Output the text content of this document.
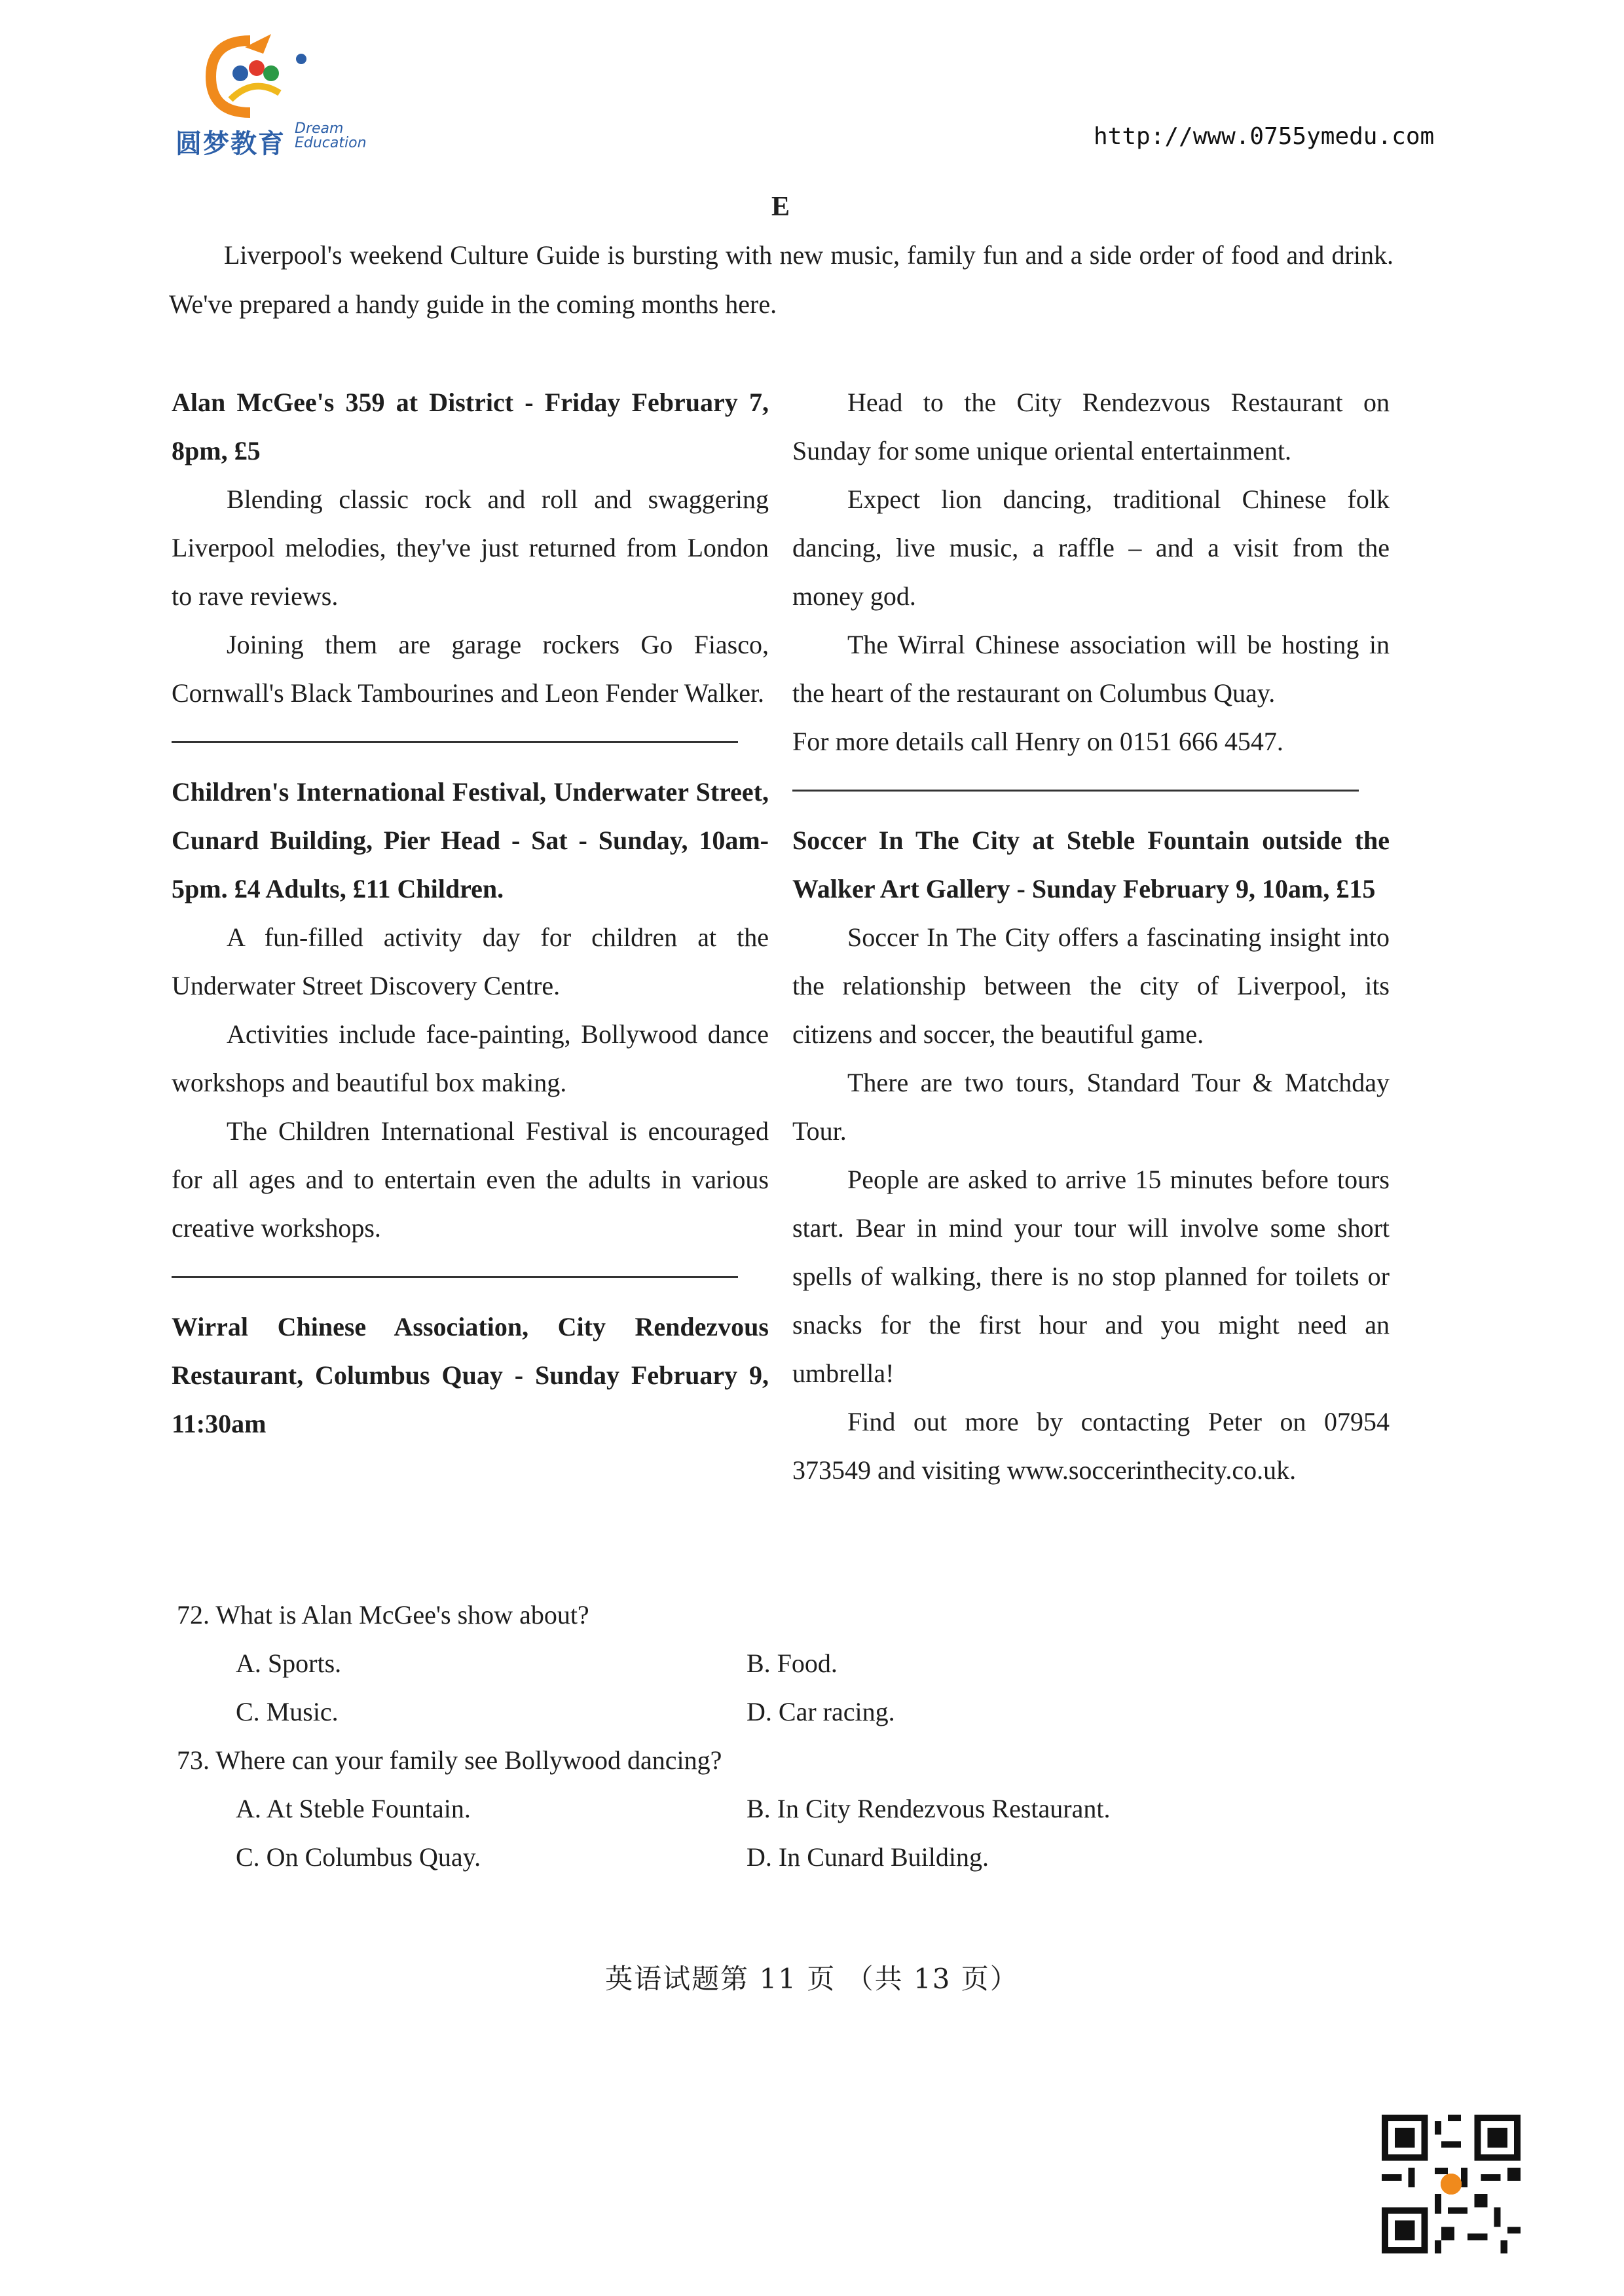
圆梦教育
Dream
Education	http://www.0755ymedu.com
E

Liverpool's weekend Culture Guide is bursting with new music, family fun and a side order of food and drink. We've prepared a handy guide in the coming months here.

Alan McGee's 359 at District - Friday February 7, 8pm, £5

Blending classic rock and roll and swaggering Liverpool melodies, they've just returned from London to rave reviews.

Joining them are garage rockers Go Fiasco, Cornwall's Black Tambourines and Leon Fender Walker.

Children's International Festival, Underwater Street, Cunard Building, Pier Head - Sat - Sunday, 10am-5pm. £4 Adults, £11 Children.

A fun-filled activity day for children at the Underwater Street Discovery Centre.

Activities include face-painting, Bollywood dance workshops and beautiful box making.

The Children International Festival is encouraged for all ages and to entertain even the adults in various creative workshops.

Wirral Chinese Association, City Rendezvous Restaurant, Columbus Quay - Sunday February 9, 11:30am

Head to the City Rendezvous Restaurant on Sunday for some unique oriental entertainment.

Expect lion dancing, traditional Chinese folk dancing, live music, a raffle – and a visit from the money god.

The Wirral Chinese association will be hosting in the heart of the restaurant on Columbus Quay.

For more details call Henry on 0151 666 4547.

Soccer In The City at Steble Fountain outside the Walker Art Gallery - Sunday February 9, 10am, £15

Soccer In The City offers a fascinating insight into the relationship between the city of Liverpool, its citizens and soccer, the beautiful game.

There are two tours, Standard Tour & Matchday Tour.

People are asked to arrive 15 minutes before tours start. Bear in mind your tour will involve some short spells of walking, there is no stop planned for toilets or snacks for the first hour and you might need an umbrella!

Find out more by contacting Peter on 07954 373549 and visiting www.soccerinthecity.co.uk.

72. What is Alan McGee's show about?

A. Sports.	B. Food.
C. Music.	D. Car racing.

73. Where can your family see Bollywood dancing?

A. At Steble Fountain.	B. In City Rendezvous Restaurant.
C. On Columbus Quay.	D. In Cunard Building.
英语试题第 11 页 （共 13 页）
